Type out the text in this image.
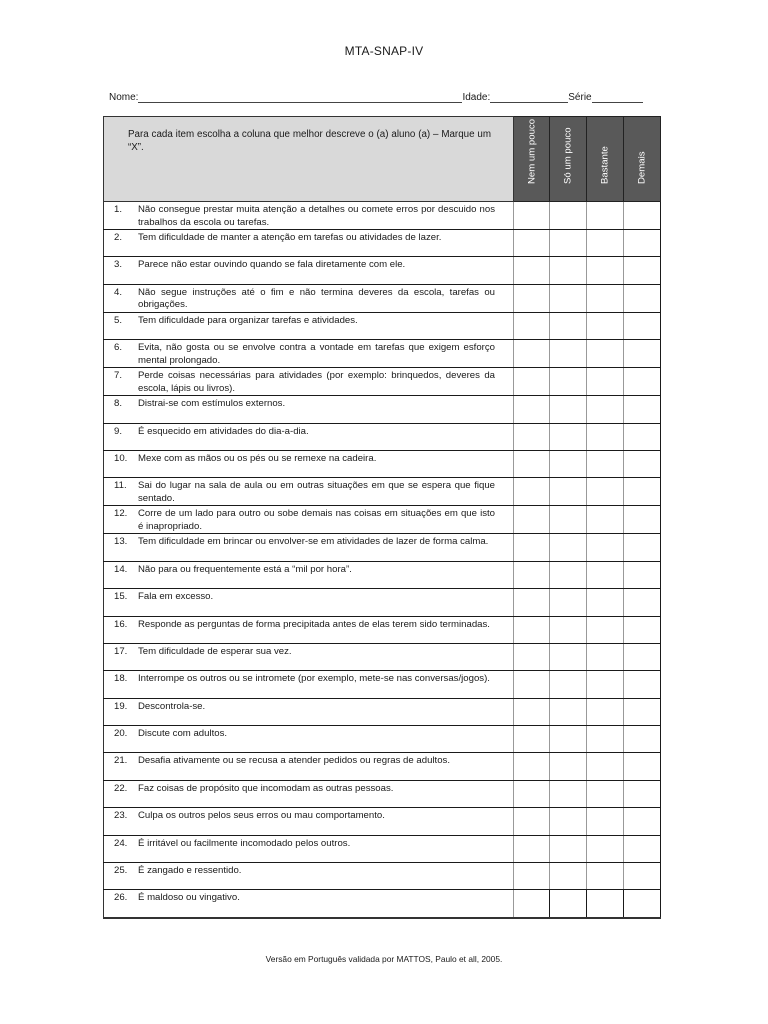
MTA-SNAP-IV
Nome:	Idade:	Série
Para cada item escolha a coluna que melhor descreve o (a) aluno (a) – Marque um “X”.	Nem um pouco	Só um pouco	Bastante	Demais

1. Não consegue prestar muita atenção a detalhes ou comete erros por descuido nos trabalhos da escola ou tarefas.				

2. Tem dificuldade de manter a atenção em tarefas ou atividades de lazer.				

3. Parece não estar ouvindo quando se fala diretamente com ele.				

4. Não segue instruções até o fim e não termina deveres da escola, tarefas ou obrigações.				

5. Tem dificuldade para organizar tarefas e atividades.				

6. Evita, não gosta ou se envolve contra a vontade em tarefas que exigem esforço mental prolongado.				

7. Perde coisas necessárias para atividades (por exemplo: brinquedos, deveres da escola, lápis ou livros).				

8. Distrai-se com estímulos externos.				

9. É esquecido em atividades do dia-a-dia.				

10. Mexe com as mãos ou os pés ou se remexe na cadeira.				

11. Sai do lugar na sala de aula ou em outras situações em que se espera que fique sentado.				

12. Corre de um lado para outro ou sobe demais nas coisas em situações em que isto é inapropriado.				

13. Tem dificuldade em brincar ou envolver-se em atividades de lazer de forma calma.				

14. Não para ou frequentemente está a “mil por hora”.				

15. Fala em excesso.				

16. Responde as perguntas de forma precipitada antes de elas terem sido terminadas.				

17. Tem dificuldade de esperar sua vez.				

18. Interrompe os outros ou se intromete (por exemplo, mete-se nas conversas/jogos).				

19. Descontrola-se.				

20. Discute com adultos.				

21. Desafia ativamente ou se recusa a atender pedidos ou regras de adultos.				

22. Faz coisas de propósito que incomodam as outras pessoas.				

23. Culpa os outros pelos seus erros ou mau comportamento.				

24. É irritável ou facilmente incomodado pelos outros.				

25. É zangado e ressentido.				

26. É maldoso ou vingativo.				

Versão em Português validada por MATTOS, Paulo et all, 2005.
